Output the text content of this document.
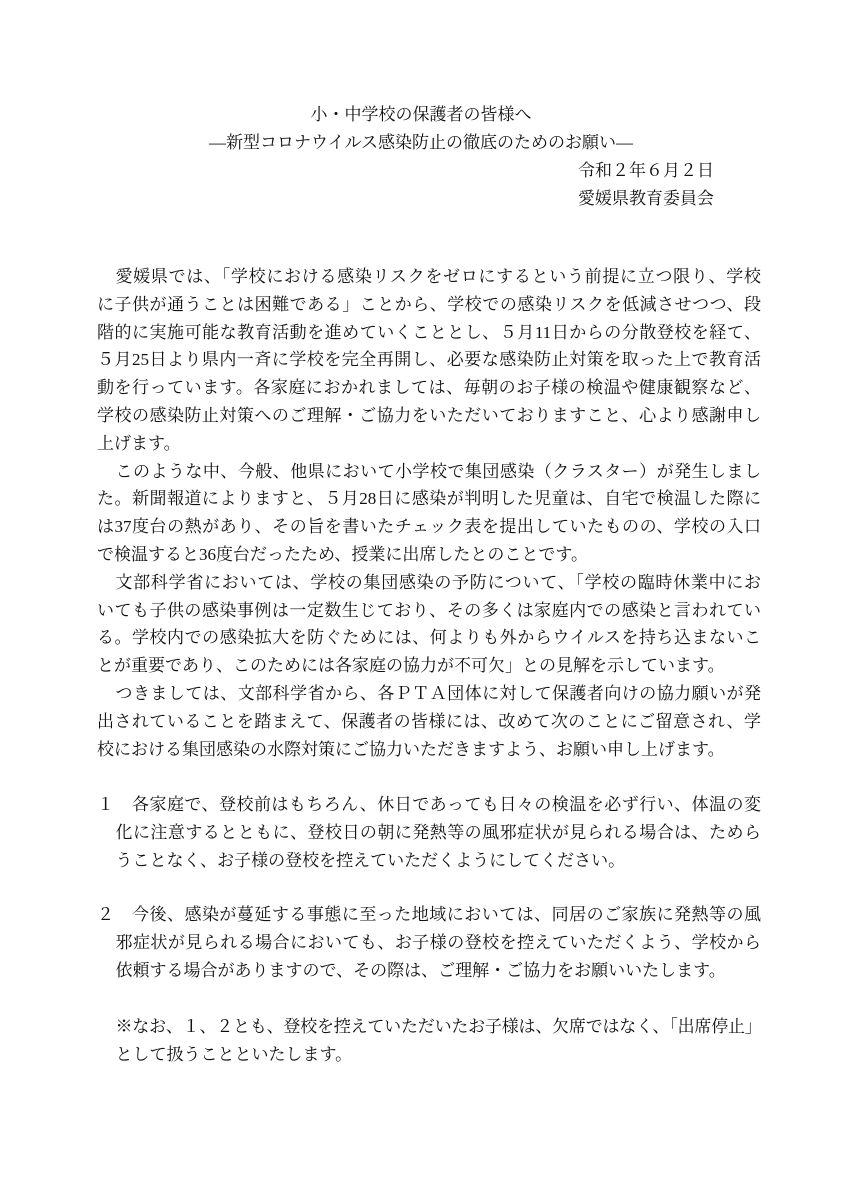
小・中学校の保護者の皆様へ
―新型コロナウイルス感染防止の徹底のためのお願い―
令和２年６月２日
愛媛県教育委員会
愛媛県では、「学校における感染リスクをゼロにするという前提に立つ限り、学校
に子供が通うことは困難である」ことから、学校での感染リスクを低減させつつ、段
階的に実施可能な教育活動を進めていくこととし、５月11日からの分散登校を経て、
５月25日より県内一斉に学校を完全再開し、必要な感染防止対策を取った上で教育活
動を行っています。各家庭におかれましては、毎朝のお子様の検温や健康観察など、
学校の感染防止対策へのご理解・ご協力をいただいておりますこと、心より感謝申し
上げます。
このような中、今般、他県において小学校で集団感染（クラスター）が発生しまし
た。新聞報道によりますと、５月28日に感染が判明した児童は、自宅で検温した際に
は37度台の熱があり、その旨を書いたチェック表を提出していたものの、学校の入口
で検温すると36度台だったため、授業に出席したとのことです。
文部科学省においては、学校の集団感染の予防について、「学校の臨時休業中にお
いても子供の感染事例は一定数生じており、その多くは家庭内での感染と言われてい
る。学校内での感染拡大を防ぐためには、何よりも外からウイルスを持ち込まないこ
とが重要であり、このためには各家庭の協力が不可欠」との見解を示しています。
つきましては、文部科学省から、各ＰＴＡ団体に対して保護者向けの協力願いが発
出されていることを踏まえて、保護者の皆様には、改めて次のことにご留意され、学
校における集団感染の水際対策にご協力いただきますよう、お願い申し上げます。
１	各家庭で、登校前はもちろん、休日であっても日々の検温を必ず行い、体温の変
化に注意するとともに、登校日の朝に発熱等の風邪症状が見られる場合は、ためら
うことなく、お子様の登校を控えていただくようにしてください。
２	今後、感染が蔓延する事態に至った地域においては、同居のご家族に発熱等の風
邪症状が見られる場合においても、お子様の登校を控えていただくよう、学校から
依頼する場合がありますので、その際は、ご理解・ご協力をお願いいたします。
※なお、１、２とも、登校を控えていただいたお子様は、欠席ではなく、「出席停止」
として扱うことといたします。
